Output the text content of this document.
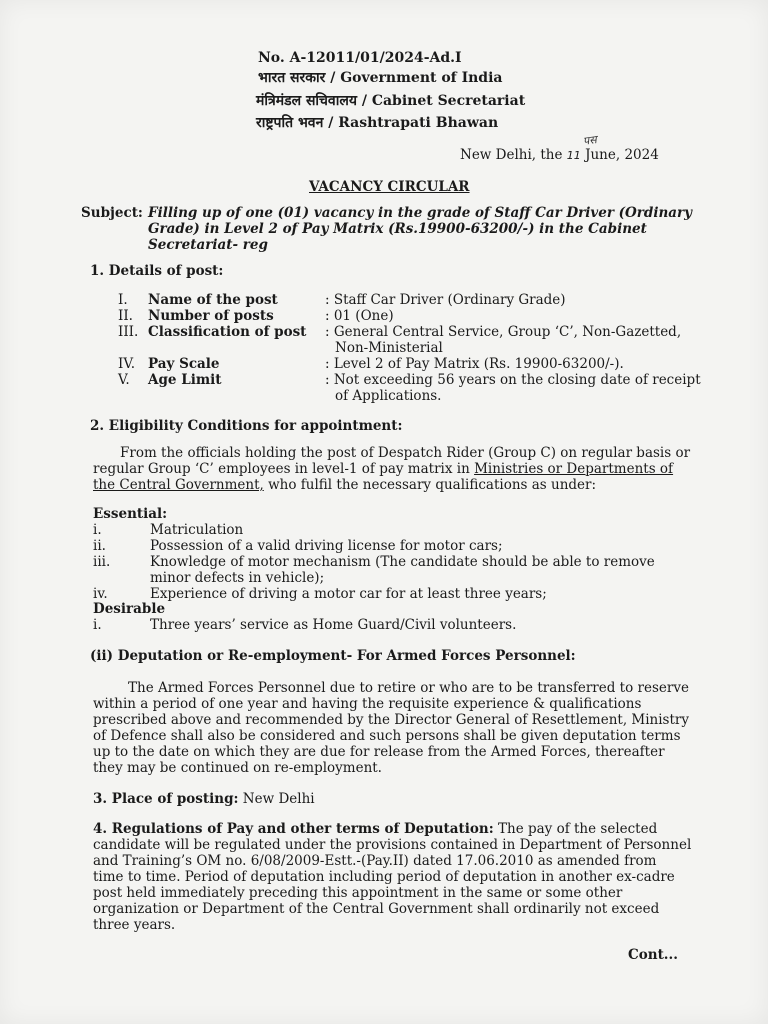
No. A-12011/01/2024-Ad.I
भारत सरकार / Government of India
मंत्रिमंडल सचिवालय / Cabinet Secretariat
राष्ट्रपति भवन / Rashtrapati Bhawan
पस
New Delhi, the 11 June, 2024
VACANCY CIRCULAR
Subject: Filling up of one (01) vacancy in the grade of Staff Car Driver (Ordinary
Grade) in Level 2 of Pay Matrix (Rs.19900-63200/-) in the Cabinet
Secretariat- reg
1. Details of post:
I. Name of the post	: Staff Car Driver (Ordinary Grade)
II. Number of posts	: 01 (One)
III. Classification of post : General Central Service, Group ‘C’, Non-Gazetted,
Non-Ministerial
IV. Pay Scale	: Level 2 of Pay Matrix (Rs. 19900-63200/-).
V. Age Limit	: Not exceeding 56 years on the closing date of receipt
of Applications.
2. Eligibility Conditions for appointment:
From the officials holding the post of Despatch Rider (Group C) on regular basis or
regular Group ‘C’ employees in level-1 of pay matrix in Ministries or Departments of
the Central Government, who fulfil the necessary qualifications as under:
Essential:
i.	Matriculation
ii.	Possession of a valid driving license for motor cars;
iii.	Knowledge of motor mechanism (The candidate should be able to remove
minor defects in vehicle);
iv.	Experience of driving a motor car for at least three years;
Desirable
i.	Three years’ service as Home Guard/Civil volunteers.
(ii) Deputation or Re-employment- For Armed Forces Personnel:
The Armed Forces Personnel due to retire or who are to be transferred to reserve
within a period of one year and having the requisite experience & qualifications
prescribed above and recommended by the Director General of Resettlement, Ministry
of Defence shall also be considered and such persons shall be given deputation terms
up to the date on which they are due for release from the Armed Forces, thereafter
they may be continued on re-employment.
3. Place of posting: New Delhi
4. Regulations of Pay and other terms of Deputation: The pay of the selected
candidate will be regulated under the provisions contained in Department of Personnel
and Training’s OM no. 6/08/2009-Estt.-(Pay.II) dated 17.06.2010 as amended from
time to time. Period of deputation including period of deputation in another ex-cadre
post held immediately preceding this appointment in the same or some other
organization or Department of the Central Government shall ordinarily not exceed
three years.
Cont...
